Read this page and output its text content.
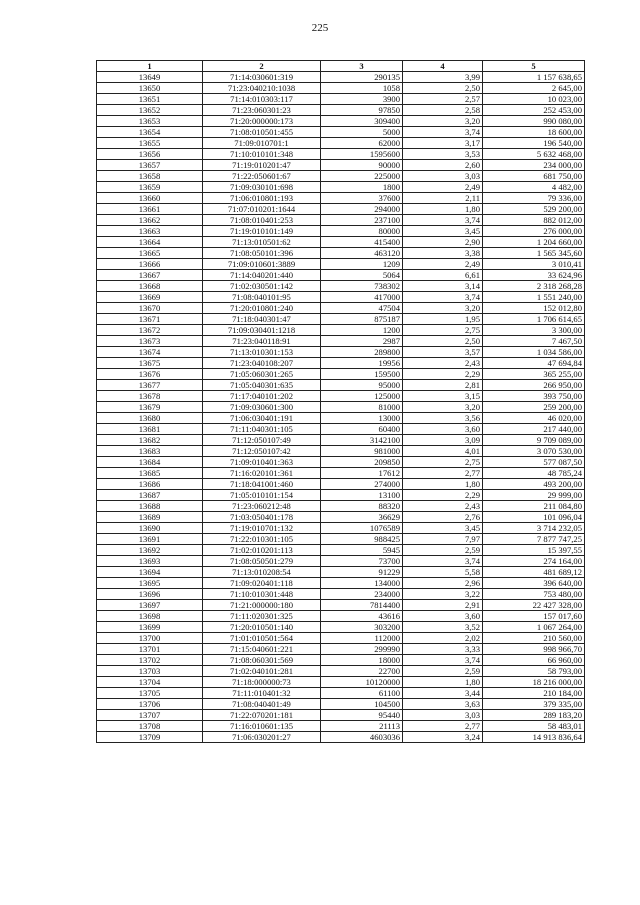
225
1	2	3	4	5
13649	71:14:030601:319	290135	3,99	1 157 638,65
13650	71:23:040210:1038	1058	2,50	2 645,00
13651	71:14:010303:117	3900	2,57	10 023,00
13652	71:23:060301:23	97850	2,58	252 453,00
13653	71:20:000000:173	309400	3,20	990 080,00
13654	71:08:010501:455	5000	3,74	18 600,00
13655	71:09:010701:1	62000	3,17	196 540,00
13656	71:10:010101:348	1595600	3,53	5 632 468,00
13657	71:19:010201:47	90000	2,60	234 000,00
13658	71:22:050601:67	225000	3,03	681 750,00
13659	71:09:030101:698	1800	2,49	4 482,00
13660	71:06:010801:193	37600	2,11	79 336,00
13661	71:07:010201:1644	294000	1,80	529 200,00
13662	71:08:010401:253	237100	3,74	882 012,00
13663	71:19:010101:149	80000	3,45	276 000,00
13664	71:13:010501:62	415400	2,90	1 204 660,00
13665	71:08:050101:396	463120	3,38	1 565 345,60
13666	71:09:010601:3889	1209	2,49	3 010,41
13667	71:14:040201:440	5064	6,61	33 624,96
13668	71:02:030501:142	738302	3,14	2 318 268,28
13669	71:08:040101:95	417000	3,74	1 551 240,00
13670	71:20:010801:240	47504	3,20	152 012,80
13671	71:18:040301:47	875187	1,95	1 706 614,65
13672	71:09:030401:1218	1200	2,75	3 300,00
13673	71:23:040118:91	2987	2,50	7 467,50
13674	71:13:010301:153	289800	3,57	1 034 586,00
13675	71:23:040108:207	19956	2,43	47 694,84
13676	71:05:060301:265	159500	2,29	365 255,00
13677	71:05:040301:635	95000	2,81	266 950,00
13678	71:17:040101:202	125000	3,15	393 750,00
13679	71:09:030601:300	81000	3,20	259 200,00
13680	71:06:030401:191	13000	3,56	46 020,00
13681	71:11:040301:105	60400	3,60	217 440,00
13682	71:12:050107:49	3142100	3,09	9 709 089,00
13683	71:12:050107:42	981000	4,01	3 070 530,00
13684	71:09:010401:363	209850	2,75	577 087,50
13685	71:16:020101:361	17612	2,77	48 785,24
13686	71:18:041001:460	274000	1,80	493 200,00
13687	71:05:010101:154	13100	2,29	29 999,00
13688	71:23:060212:48	88320	2,43	211 084,80
13689	71:03:050401:178	36629	2,76	101 096,04
13690	71:19:010701:132	1076589	3,45	3 714 232,05
13691	71:22:010301:105	988425	7,97	7 877 747,25
13692	71:02:010201:113	5945	2,59	15 397,55
13693	71:08:050501:279	73700	3,74	274 164,00
13694	71:13:010208:54	91229	5,58	481 689,12
13695	71:09:020401:118	134000	2,96	396 640,00
13696	71:10:010301:448	234000	3,22	753 480,00
13697	71:21:000000:180	7814400	2,91	22 427 328,00
13698	71:11:020301:325	43616	3,60	157 017,60
13699	71:20:010501:140	303200	3,52	1 067 264,00
13700	71:01:010501:564	112000	2,02	210 560,00
13701	71:15:040601:221	299990	3,33	998 966,70
13702	71:08:060301:569	18000	3,74	66 960,00
13703	71:02:040101:281	22700	2,59	58 793,00
13704	71:18:000000:73	10120000	1,80	18 216 000,00
13705	71:11:010401:32	61100	3,44	210 184,00
13706	71:08:040401:49	104500	3,63	379 335,00
13707	71:22:070201:181	95440	3,03	289 183,20
13708	71:16:010601:135	21113	2,77	58 483,01
13709	71:06:030201:27	4603036	3,24	14 913 836,64
